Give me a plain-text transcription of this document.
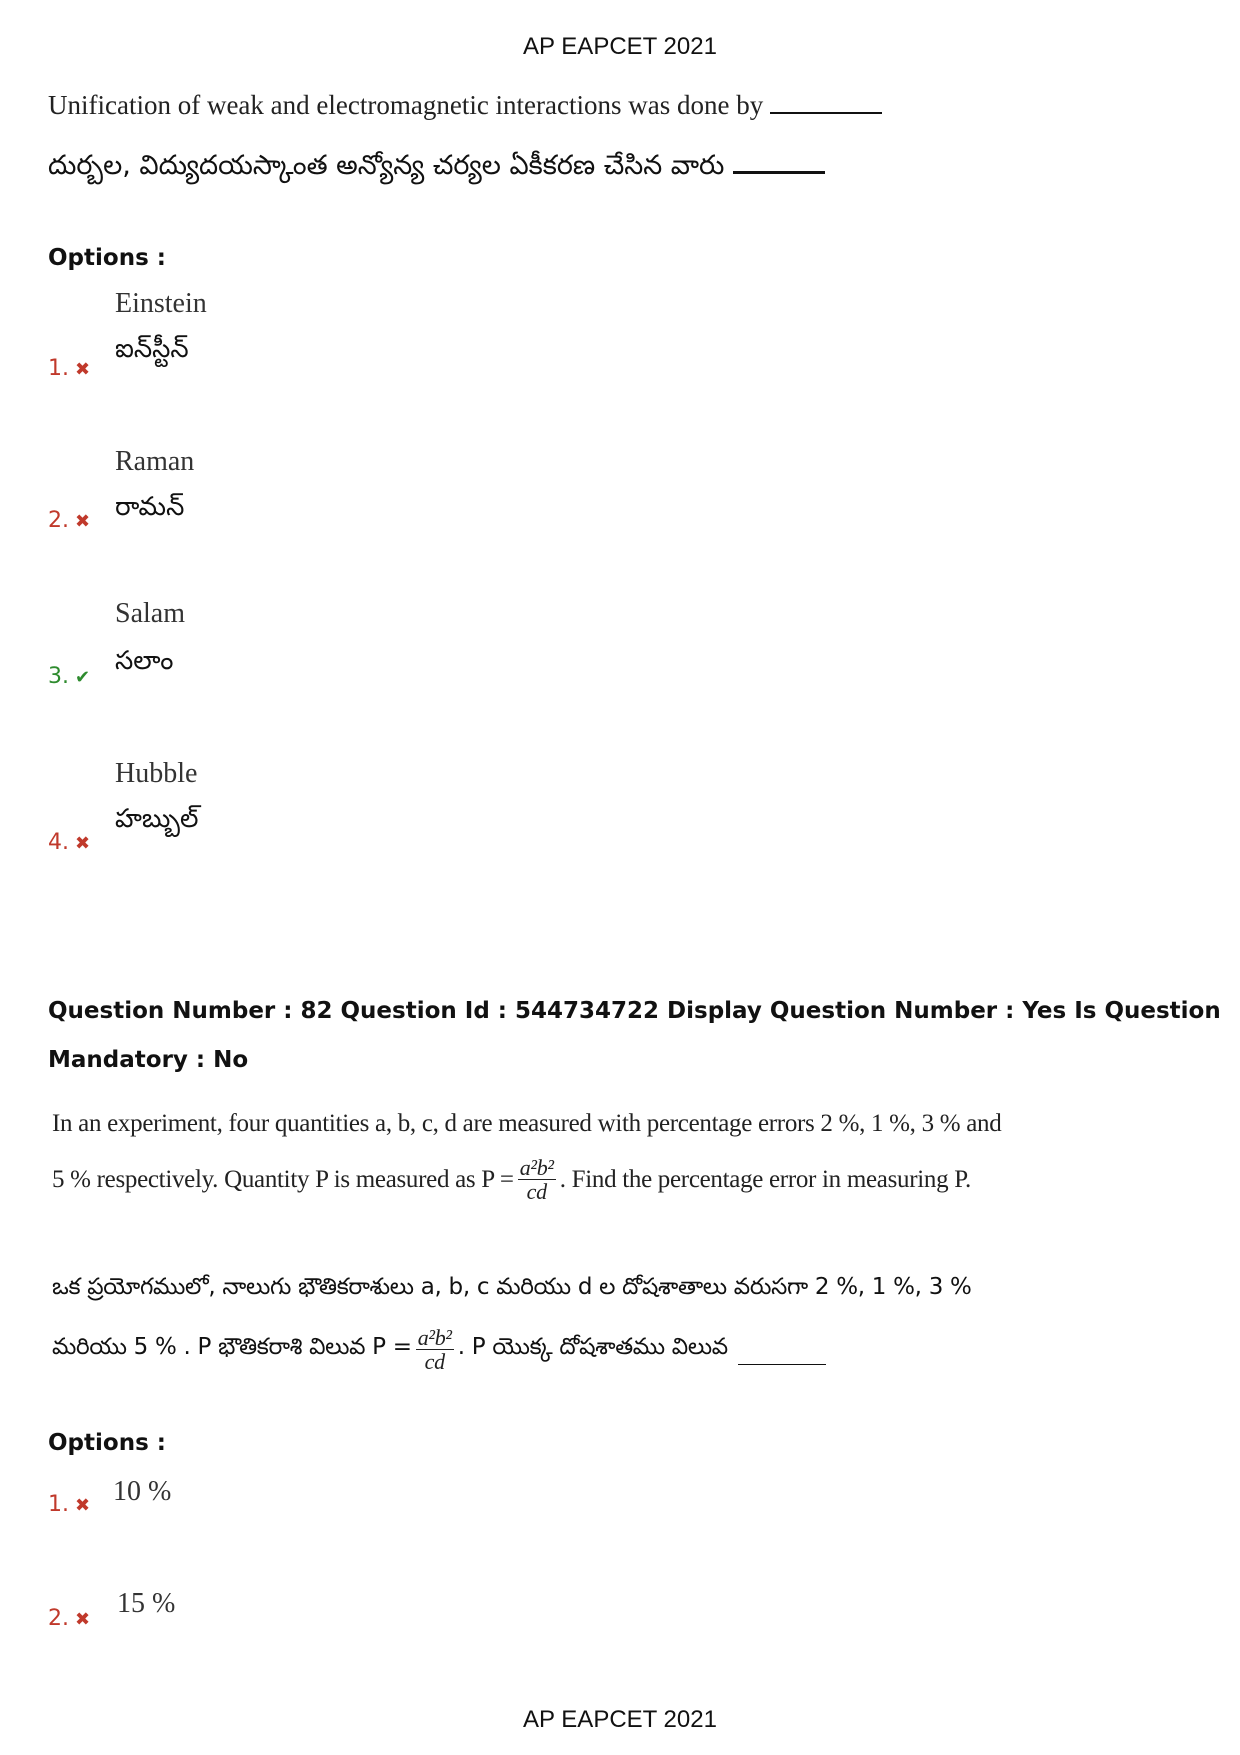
AP EAPCET 2021
Unification of weak and electromagnetic interactions was done by
దుర్బల, విద్యుదయస్కాంత అన్యోన్య చర్యల ఏకీకరణ చేసిన వారు
Options :
Einstein
ఐన్‌స్టీన్
1. ✖
Raman
రామన్
2. ✖
Salam
సలాం
3. ✔
Hubble
హబ్బుల్
4. ✖
Question Number : 82 Question Id : 544734722 Display Question Number : Yes Is Question
Mandatory : No
In an experiment, four quantities a, b, c, d are measured with percentage errors 2 %, 1 %, 3 % and
5 % respectively. Quantity P is measured as $P = \frac{\text{a²b²}}{cd}$ . Find the percentage error in measuring P.
ఒక ప్రయోగములో, నాలుగు భౌతికరాశులు a, b, c మరియు d ల దోషశాతాలు వరుసగా 2 %, 1 %, 3 %
మరియు 5 % . P భౌతికరాశి విలువ $P = \frac{\text{a²b²}}{cd}$ . P యొక్క దోషశాతము విలువ
Options :
10 %
1. ✖
15 %
2. ✖
AP EAPCET 2021
